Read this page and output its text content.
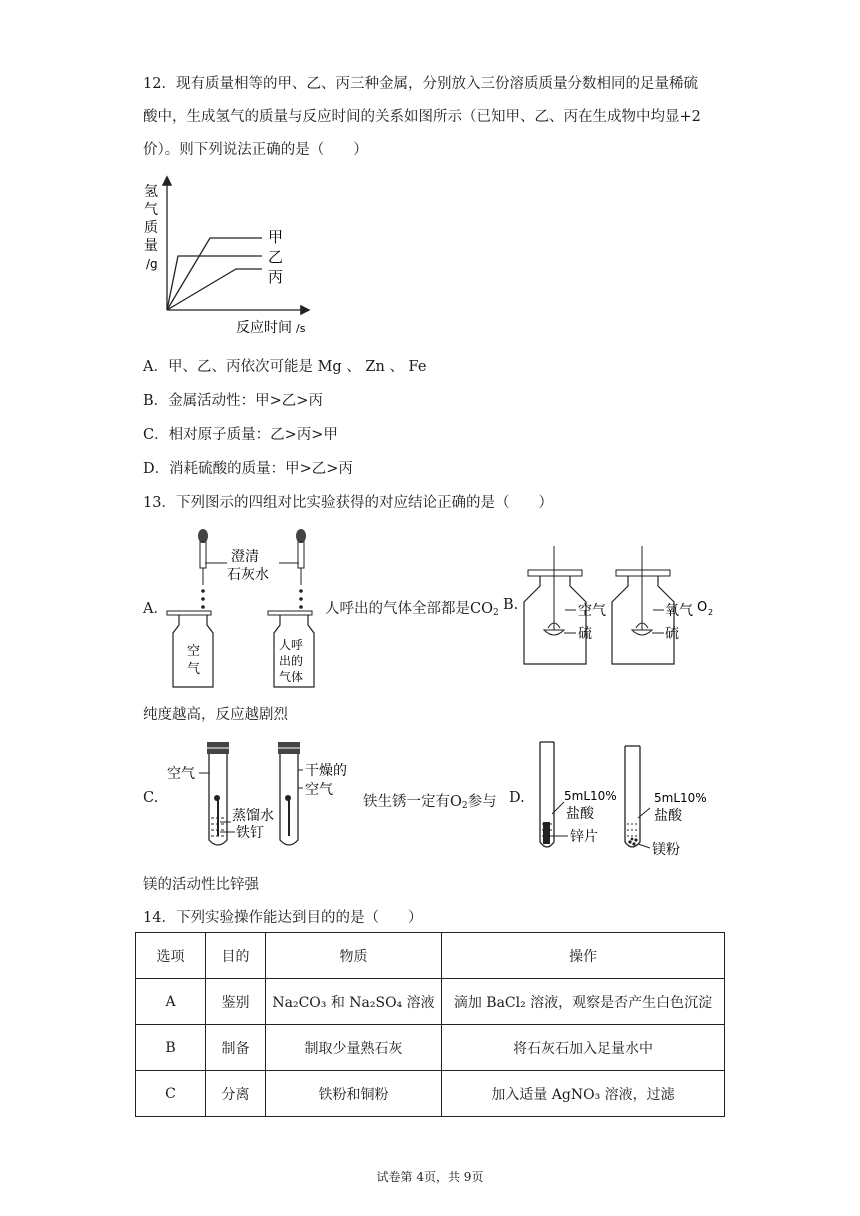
12．现有质量相等的甲、乙、丙三种金属，分别放入三份溶质质量分数相同的足量稀硫
酸中，生成氢气的质量与反应时间的关系如图所示（已知甲、乙、丙在生成物中均显+2
价）。则下列说法正确的是（　　）
氢
气
质
量
/g
甲
乙
丙
反应时间 /s
A．甲、乙、丙依次可能是 Mg 、 Zn 、 Fe
B．金属活动性：甲>乙>丙
C．相对原子质量：乙>丙>甲
D．消耗硫酸的质量：甲>乙>丙
13．下列图示的四组对比实验获得的对应结论正确的是（　　）
A．
澄清
石灰水
空
气
人呼
出的
气体
人呼出的气体全部都是$CO_2$ B.	空气
硫
氧气 O 2
硫
纯度越高，反应越剧烈
C.
空气
蒸馏水
铁钉
干燥的
空气
铁生锈一定有$O_2$参与 D.	5mL10%
盐酸
锌片
5mL10%
盐酸
镁粉
镁的活动性比锌强
14．下列实验操作能达到目的的是（　　）
选项	目的	物质	操作
A	鉴别	Na₂CO₃ 和 Na₂SO₄ 溶液	滴加 BaCl₂ 溶液，观察是否产生白色沉淀
B	制备	制取少量熟石灰	将石灰石加入足量水中
C	分离	铁粉和铜粉	加入适量 AgNO₃ 溶液，过滤
试卷第 4页，共 9页
